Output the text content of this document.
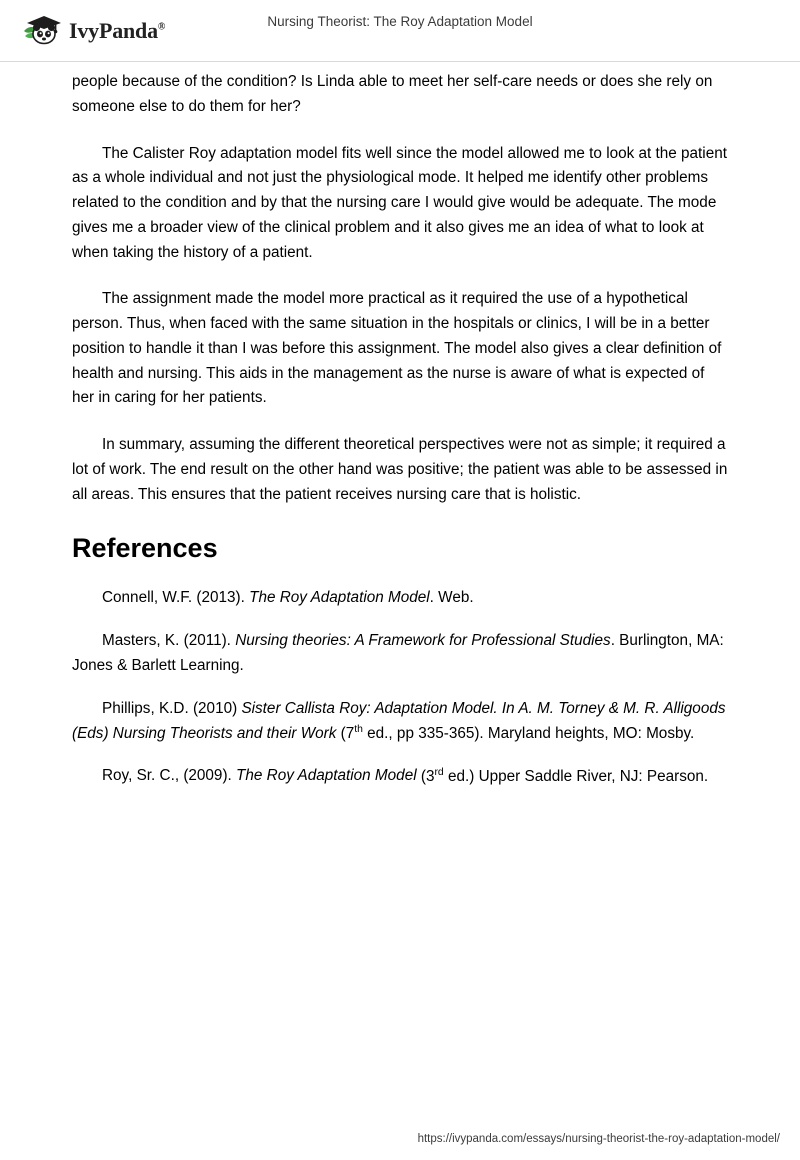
IvyPanda®	Nursing Theorist: The Roy Adaptation Model

people because of the condition? Is Linda able to meet her self-care needs or does she rely on someone else to do them for her?

The Calister Roy adaptation model fits well since the model allowed me to look at the patient as a whole individual and not just the physiological mode. It helped me identify other problems related to the condition and by that the nursing care I would give would be adequate. The mode gives me a broader view of the clinical problem and it also gives me an idea of what to look at when taking the history of a patient.

The assignment made the model more practical as it required the use of a hypothetical person. Thus, when faced with the same situation in the hospitals or clinics, I will be in a better position to handle it than I was before this assignment. The model also gives a clear definition of health and nursing. This aids in the management as the nurse is aware of what is expected of her in caring for her patients.

In summary, assuming the different theoretical perspectives were not as simple; it required a lot of work. The end result on the other hand was positive; the patient was able to be assessed in all areas. This ensures that the patient receives nursing care that is holistic.

References

Connell, W.F. (2013). The Roy Adaptation Model. Web.

Masters, K. (2011). Nursing theories: A Framework for Professional Studies. Burlington, MA: Jones & Barlett Learning.

Phillips, K.D. (2010) Sister Callista Roy: Adaptation Model. In A. M. Torney & M. R. Alligoods (Eds) Nursing Theorists and their Work (7th ed., pp 335-365). Maryland heights, MO: Mosby.

Roy, Sr. C., (2009). The Roy Adaptation Model (3rd ed.) Upper Saddle River, NJ: Pearson.

https://ivypanda.com/essays/nursing-theorist-the-roy-adaptation-model/
